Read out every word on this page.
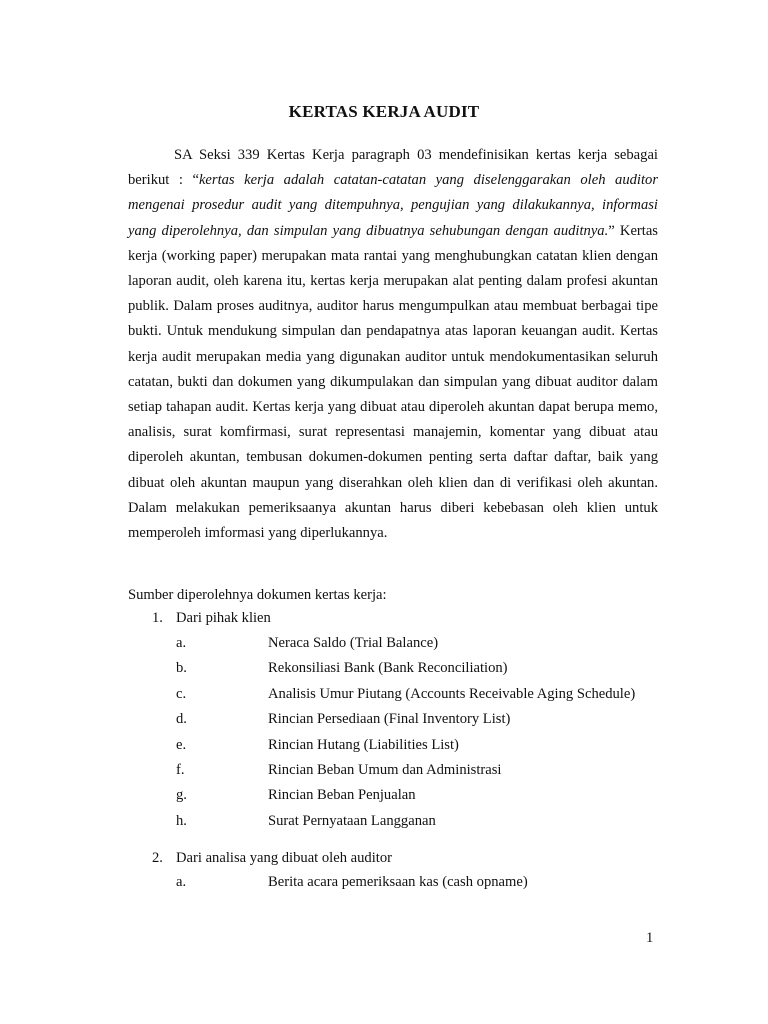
KERTAS KERJA AUDIT

SA Seksi 339 Kertas Kerja paragraph 03 mendefinisikan kertas kerja sebagai berikut : “kertas kerja adalah catatan-catatan yang diselenggarakan oleh auditor mengenai prosedur audit yang ditempuhnya, pengujian yang dilakukannya, informasi yang diperolehnya, dan simpulan yang dibuatnya sehubungan dengan auditnya.” Kertas kerja (working paper) merupakan mata rantai yang menghubungkan catatan klien dengan laporan audit, oleh karena itu, kertas kerja merupakan alat penting dalam profesi akuntan publik. Dalam proses auditnya, auditor harus mengumpulkan atau membuat berbagai tipe bukti. Untuk mendukung simpulan dan pendapatnya atas laporan keuangan audit. Kertas kerja audit merupakan media yang digunakan auditor untuk mendokumentasikan seluruh catatan, bukti dan dokumen yang dikumpulakan dan simpulan yang dibuat auditor dalam setiap tahapan audit. Kertas kerja yang dibuat atau diperoleh akuntan dapat berupa memo, analisis, surat komfirmasi, surat representasi manajemin, komentar yang dibuat atau diperoleh akuntan, tembusan dokumen-dokumen penting serta daftar daftar, baik yang dibuat oleh akuntan maupun yang diserahkan oleh klien dan di verifikasi oleh akuntan. Dalam melakukan pemeriksaanya akuntan harus diberi kebebasan oleh klien untuk memperoleh imformasi yang diperlukannya.

Sumber diperolehnya dokumen kertas kerja:

1. Dari pihak klien

a.	Neraca Saldo (Trial Balance)
b.	Rekonsiliasi Bank (Bank Reconciliation)
c.	Analisis Umur Piutang (Accounts Receivable Aging Schedule)
d.	Rincian Persediaan (Final Inventory List)
e.	Rincian Hutang (Liabilities List)
f.	Rincian Beban Umum dan Administrasi
g.	Rincian Beban Penjualan
h.	Surat Pernyataan Langganan

2. Dari analisa yang dibuat oleh auditor

a.	Berita acara pemeriksaan kas (cash opname)
1
